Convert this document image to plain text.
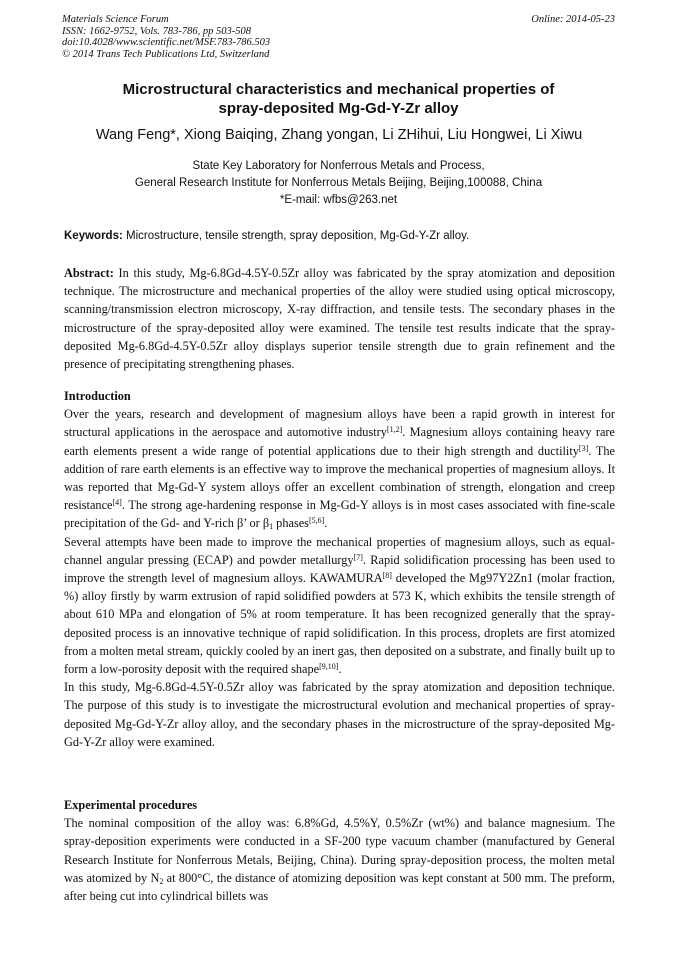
Materials Science Forum
ISSN: 1662-9752, Vols. 783-786, pp 503-508
doi:10.4028/www.scientific.net/MSF.783-786.503
© 2014 Trans Tech Publications Ltd, Switzerland
Online: 2014-05-23
Microstructural characteristics and mechanical properties of
spray-deposited Mg-Gd-Y-Zr alloy
Wang Feng*, Xiong Baiqing, Zhang yongan, Li ZHihui, Liu Hongwei, Li Xiwu
State Key Laboratory for Nonferrous Metals and Process,
General Research Institute for Nonferrous Metals Beijing, Beijing,100088, China
*E-mail: wfbs@263.net
Keywords: Microstructure, tensile strength, spray deposition, Mg-Gd-Y-Zr alloy.

Abstract: In this study, Mg-6.8Gd-4.5Y-0.5Zr alloy was fabricated by the spray atomization and deposition technique. The microstructure and mechanical properties of the alloy were studied using optical microscopy, scanning/transmission electron microscopy, X-ray diffraction, and tensile tests. The secondary phases in the microstructure of the spray-deposited alloy were examined. The tensile test results indicate that the spray-deposited Mg-6.8Gd-4.5Y-0.5Zr alloy displays superior tensile strength due to grain refinement and the presence of precipitating strengthening phases.

Introduction

Over the years, research and development of magnesium alloys have been a rapid growth in interest for structural applications in the aerospace and automotive industry[1,2]. Magnesium alloys containing heavy rare earth elements present a wide range of potential applications due to their high strength and ductility[3]. The addition of rare earth elements is an effective way to improve the mechanical properties of magnesium alloys. It was reported that Mg-Gd-Y system alloys offer an excellent combination of strength, elongation and creep resistance[4]. The strong age-hardening response in Mg-Gd-Y alloys is in most cases associated with fine-scale precipitation of the Gd- and Y-rich β’ or $\beta_1$ phases[5,6].

Several attempts have been made to improve the mechanical properties of magnesium alloys, such as equal-channel angular pressing (ECAP) and powder metallurgy[7]. Rapid solidification processing has been used to improve the strength level of magnesium alloys. KAWAMURA[8] developed the Mg97Y2Zn1 (molar fraction, %) alloy firstly by warm extrusion of rapid solidified powders at 573 K, which exhibits the tensile strength of about 610 MPa and elongation of 5% at room temperature. It has been recognized generally that the spray-deposited process is an innovative technique of rapid solidification. In this process, droplets are first atomized from a molten metal stream, quickly cooled by an inert gas, then deposited on a substrate, and finally built up to form a low-porosity deposit with the required shape[9,10].

In this study, Mg-6.8Gd-4.5Y-0.5Zr alloy was fabricated by the spray atomization and deposition technique. The purpose of this study is to investigate the microstructural evolution and mechanical properties of spray-deposited Mg-Gd-Y-Zr alloy alloy, and the secondary phases in the microstructure of the spray-deposited Mg-Gd-Y-Zr alloy were examined.

Experimental procedures

The nominal composition of the alloy was: 6.8%Gd, 4.5%Y, 0.5%Zr (wt%) and balance magnesium. The spray-deposition experiments were conducted in a SF-200 type vacuum chamber (manufactured by General Research Institute for Nonferrous Metals, Beijing, China). During spray-deposition process, the molten metal was atomized by $N_2$ at 800°C, the distance of atomizing deposition was kept constant at 500 mm. The preform, after being cut into cylindrical billets was
